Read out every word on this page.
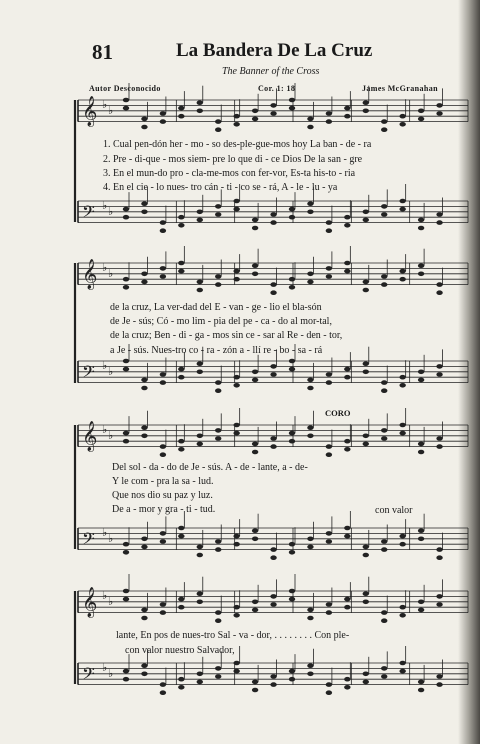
81	La Bandera De La Cruz
The Banner of the Cross
Autor Desconocido	Cor. 1: 18	James McGranahan
𝄞 ♭ ♭
𝄢 ♭ ♭
𝄞 ♭ ♭
𝄢 ♭ ♭
𝄞 ♭ ♭
𝄢 ♭ ♭
𝄞 ♭ ♭
𝄢 ♭ ♭
1. Cual pen-dón her - mo - so des-ple-gue-mos hoy La ban - de - ra
2. Pre - di-que - mos siem- pre lo que di - ce Dios De la san - gre
3. En el mun-do pro - cla-me-mos con fer-vor, Es-ta his-to - ria
4. En el cie - lo nues- tro cán - ti - co se - rá, A - le - lu - ya
de la cruz, La ver-dad del E - van - ge - lio el bla-són
de Je - sús; Có - mo lim - pia del pe - ca - do al mor-tal,
de la cruz; Ben - di - ga - mos sin ce - sar al Re - den - tor,
a Je - sús. Nues-tro co - ra - zón a - llí re - bo - sa - rá
CORO
Del sol - da - do de Je - sús. A - de - lante, a - de-
Y le com - pra la sa - lud.
Que nos dio su paz y luz.
De a - mor y gra - ti - tud.	con valor
lante, En pos de nues-tro Sal - va - dor, . . . . . . . . Con ple-
con valor nuestro Salvador,
